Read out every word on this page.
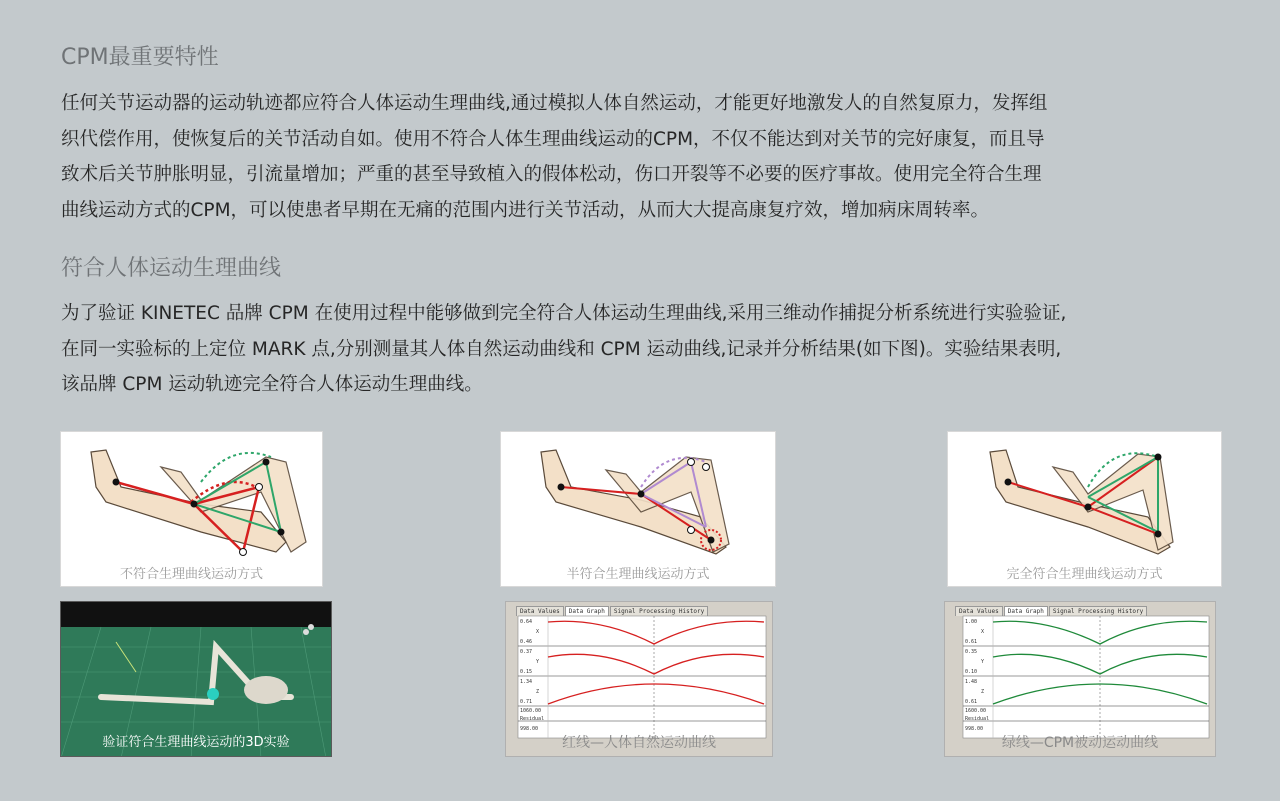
CPM最重要特性
任何关节运动器的运动轨迹都应符合人体运动生理曲线,通过模拟人体自然运动，才能更好地激发人的自然复原力，发挥组
织代偿作用，使恢复后的关节活动自如。使用不符合人体生理曲线运动的CPM，不仅不能达到对关节的完好康复，而且导
致术后关节肿胀明显，引流量增加；严重的甚至导致植入的假体松动，伤口开裂等不必要的医疗事故。使用完全符合生理
曲线运动方式的CPM，可以使患者早期在无痛的范围内进行关节活动，从而大大提高康复疗效，增加病床周转率。
符合人体运动生理曲线
为了验证 KINETEC 品牌 CPM 在使用过程中能够做到完全符合人体运动生理曲线,采用三维动作捕捉分析系统进行实验验证,
在同一实验标的上定位 MARK 点,分别测量其人体自然运动曲线和 CPM 运动曲线,记录并分析结果(如下图)。实验结果表明,
该品牌 CPM 运动轨迹完全符合人体运动生理曲线。
不符合生理曲线运动方式	半符合生理曲线运动方式	完全符合生理曲线运动方式
验证符合生理曲线运动的3D实验
Data Values Data Graph Signal Processing History
0.64
X
0.46
0.37
Y
0.15
1.34
Z
0.71
1060.00
Residual
998.00
红线—人体自然运动曲线
Data Values Data Graph Signal Processing History
1.00
X
0.61
0.35
Y
0.10
1.48
Z
0.61
1600.00
Residual
998.00
绿线—CPM被动运动曲线
